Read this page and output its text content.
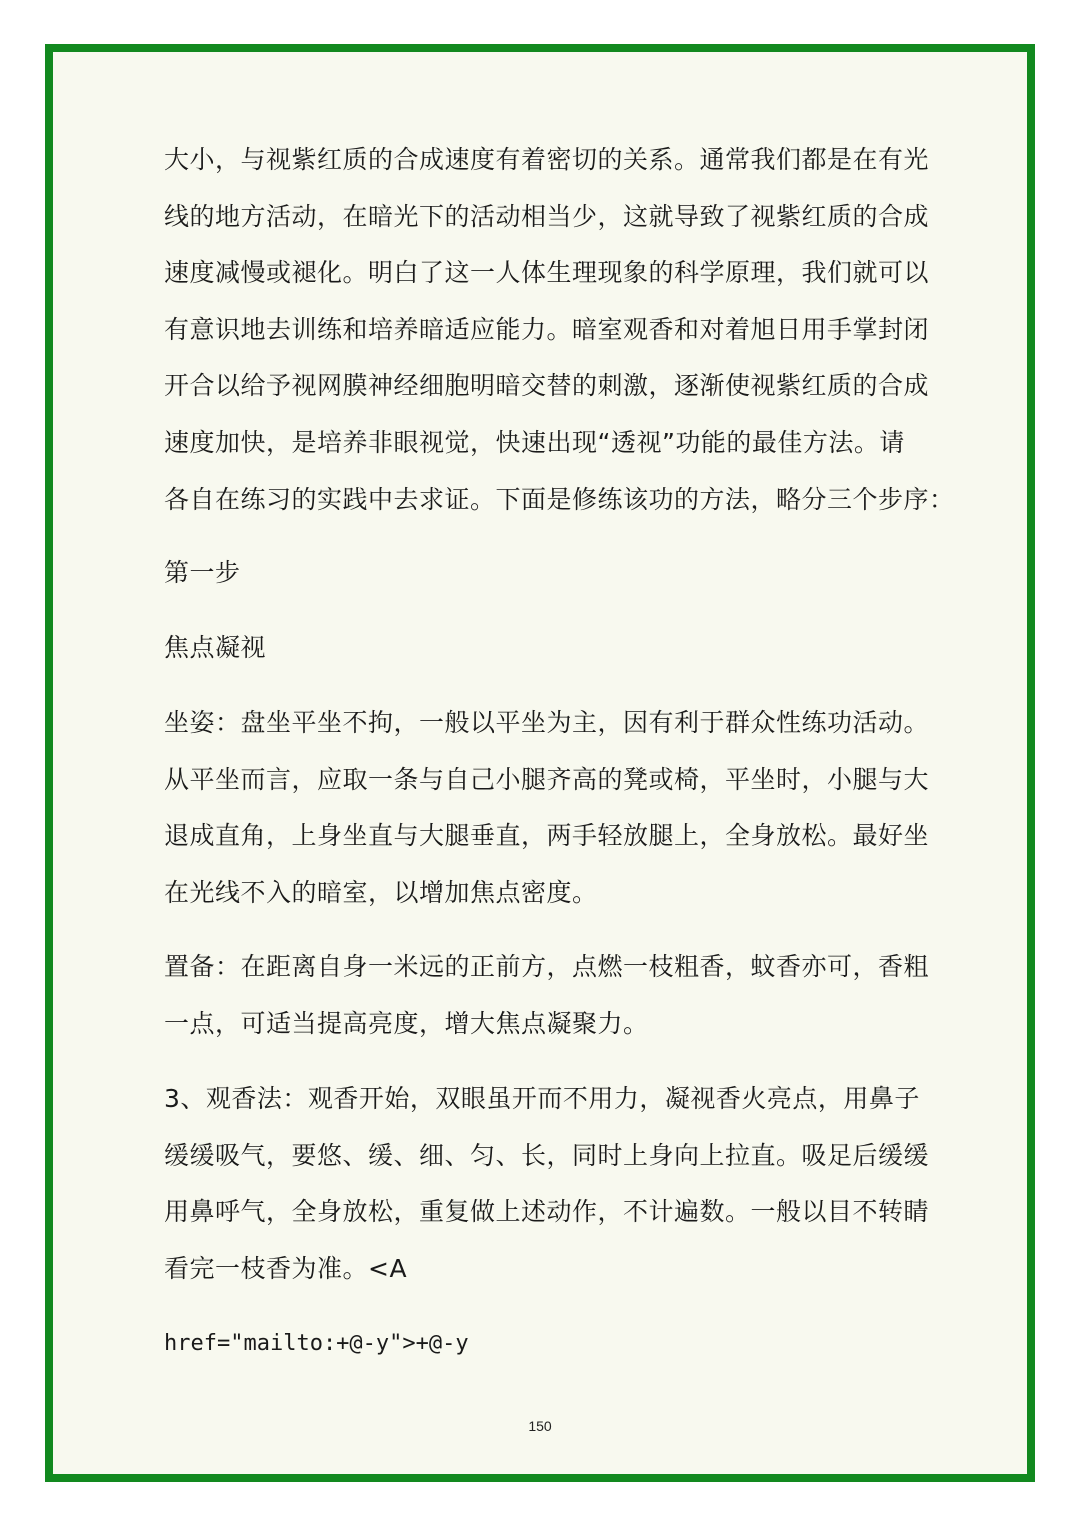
大小，与视紫红质的合成速度有着密切的关系。通常我们都是在有光
线的地方活动，在暗光下的活动相当少，这就导致了视紫红质的合成
速度减慢或褪化。明白了这一人体生理现象的科学原理，我们就可以
有意识地去训练和培养暗适应能力。暗室观香和对着旭日用手掌封闭
开合以给予视网膜神经细胞明暗交替的刺激，逐渐使视紫红质的合成
速度加快，是培养非眼视觉，快速出现“透视”功能的最佳方法。请
各自在练习的实践中去求证。下面是修练该功的方法，略分三个步序：
第一步
焦点凝视
坐姿：盘坐平坐不拘，一般以平坐为主，因有利于群众性练功活动。
从平坐而言，应取一条与自己小腿齐高的凳或椅，平坐时，小腿与大
退成直角，上身坐直与大腿垂直，两手轻放腿上，全身放松。最好坐
在光线不入的暗室，以增加焦点密度。
置备：在距离自身一米远的正前方，点燃一枝粗香，蚊香亦可，香粗
一点，可适当提高亮度，增大焦点凝聚力。
3、观香法：观香开始，双眼虽开而不用力，凝视香火亮点，用鼻子
缓缓吸气，要悠、缓、细、匀、长，同时上身向上拉直。吸足后缓缓
用鼻呼气，全身放松，重复做上述动作，不计遍数。一般以目不转睛
看完一枝香为准。<A
href="mailto:+@-y">+@-y
150
